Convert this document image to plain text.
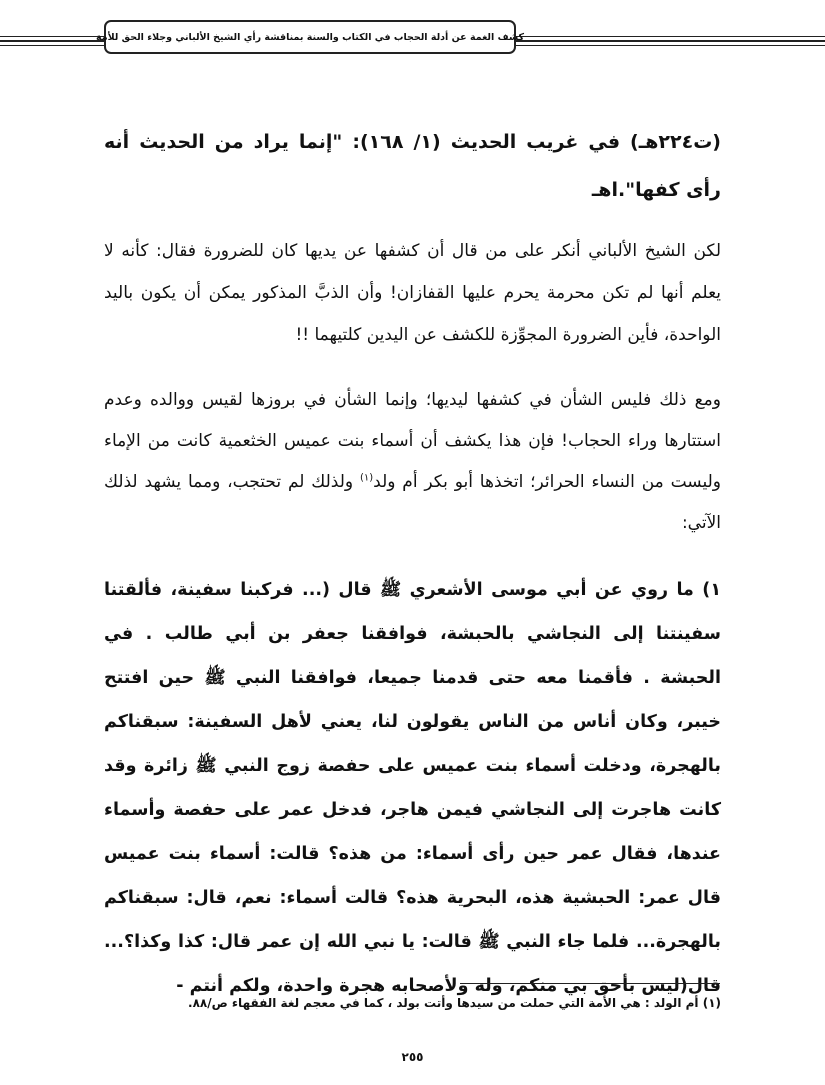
كشف الغمة عن أدلة الحجاب في الكتاب والسنة بمناقشة رأي الشيخ الألباني وجلاء الحق للأمة

(ت٢٢٤هـ) في غريب الحديث (١/ ١٦٨): "إنما يراد من الحديث أنه رأى كفها".اهـ

لكن الشيخ الألباني أنكر على من قال أن كشفها عن يديها كان للضرورة فقال: كأنه لا يعلم أنها لم تكن محرمة يحرم عليها القفازان! وأن الذبَّ المذكور يمكن أن يكون باليد الواحدة، فأين الضرورة المجوِّزة للكشف عن اليدين كلتيهما !!

ومع ذلك فليس الشأن في كشفها ليديها؛ وإنما الشأن في بروزها لقيس ووالده وعدم استتارها وراء الحجاب! فإن هذا يكشف أن أسماء بنت عميس الخثعمية كانت من الإماء وليست من النساء الحرائر؛ اتخذها أبو بكر أم ولد$^{(١)}$ ولذلك لم تحتجب، ومما يشهد لذلك الآتي:

١) ما روي عن أبي موسى الأشعري ﷺ قال (... فركبنا سفينة، فألقتنا سفينتنا إلى النجاشي بالحبشة، فوافقنا جعفر بن أبي طالب . في الحبشة . فأقمنا معه حتى قدمنا جميعا، فوافقنا النبي ﷺ حين افتتح خيبر، وكان أناس من الناس يقولون لنا، يعني لأهل السفينة: سبقناكم بالهجرة، ودخلت أسماء بنت عميس على حفصة زوج النبي ﷺ زائرة وقد كانت هاجرت إلى النجاشي فيمن هاجر، فدخل عمر على حفصة وأسماء عندها، فقال عمر حين رأى أسماء: من هذه؟ قالت: أسماء بنت عميس قال عمر: الحبشية هذه، البحرية هذه؟ قالت أسماء: نعم، قال: سبقناكم بالهجرة... فلما جاء النبي ﷺ قالت: يا نبي الله إن عمر قال: كذا وكذا؟... قال(ليس بأحق بي منكم، وله ولأصحابه هجرة واحدة، ولكم أنتم -

(١) أم الولد : هي الأمة التي حملت من سيدها وأتت بولد ، كما في معجم لغة الفقهاء ص/٨٨.
٢٥٥
